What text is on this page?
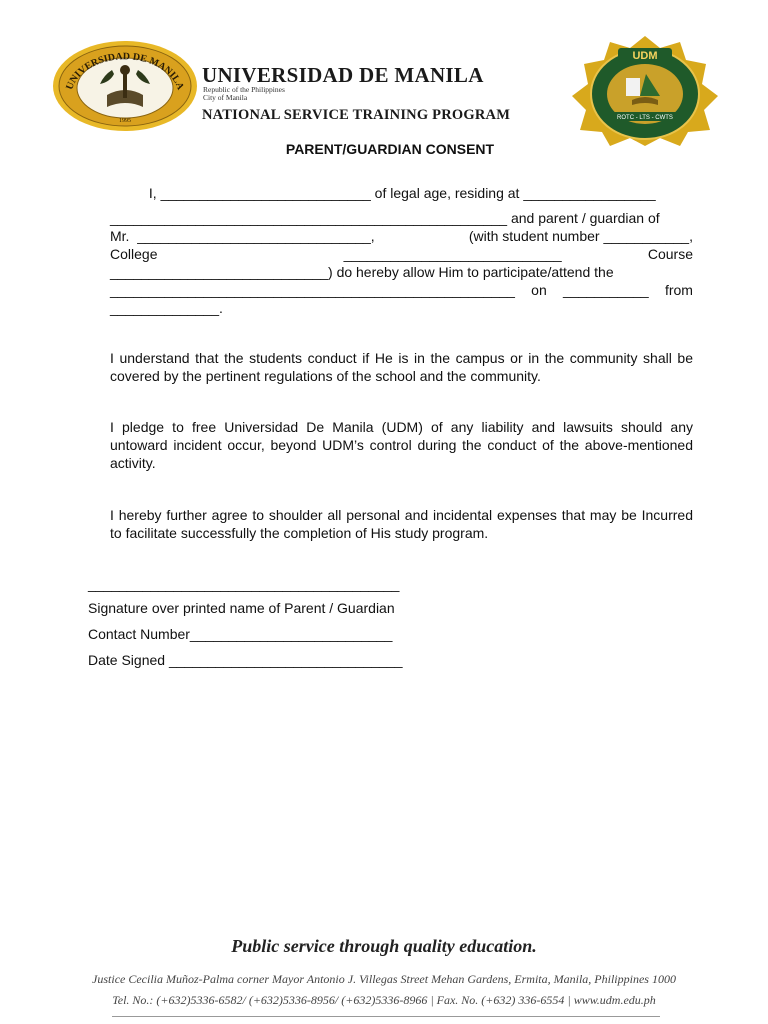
UNIVERSIDAD DE MANILA
1995
UNIVERSIDAD DE MANILA
Republic of the Philippines
City of Manila
NATIONAL SERVICE TRAINING PROGRAM
UDM
ROTC - LTS - CWTS
PARENT/GUARDIAN CONSENT
I, ___________________________ of legal age, residing at _________________
___________________________________________________ and parent / guardian of
Mr.  ______________________________,	(with student number ___________,
College	____________________________	Course
____________________________) do hereby allow Him to participate/attend the
____________________________________________________ on ___________ from
______________.
I understand that the students conduct if He is in the campus or in the community shall be covered by the pertinent regulations of the school and the community.
I pledge to free Universidad De Manila (UDM) of any liability and lawsuits should any untoward incident occur, beyond UDM’s control during the conduct of the above-mentioned activity.
I hereby further agree to shoulder all personal and incidental expenses that may be Incurred to facilitate successfully the completion of His study program.
________________________________________
Signature over printed name of Parent / Guardian
Contact Number__________________________
Date Signed ______________________________
Public service through quality education.
Justice Cecilia Muñoz-Palma corner Mayor Antonio J. Villegas Street Mehan Gardens, Ermita, Manila, Philippines 1000
Tel. No.: (+632)5336-6582/ (+632)5336-8956/ (+632)5336-8966 | Fax. No. (+632) 336-6554 | www.udm.edu.ph
